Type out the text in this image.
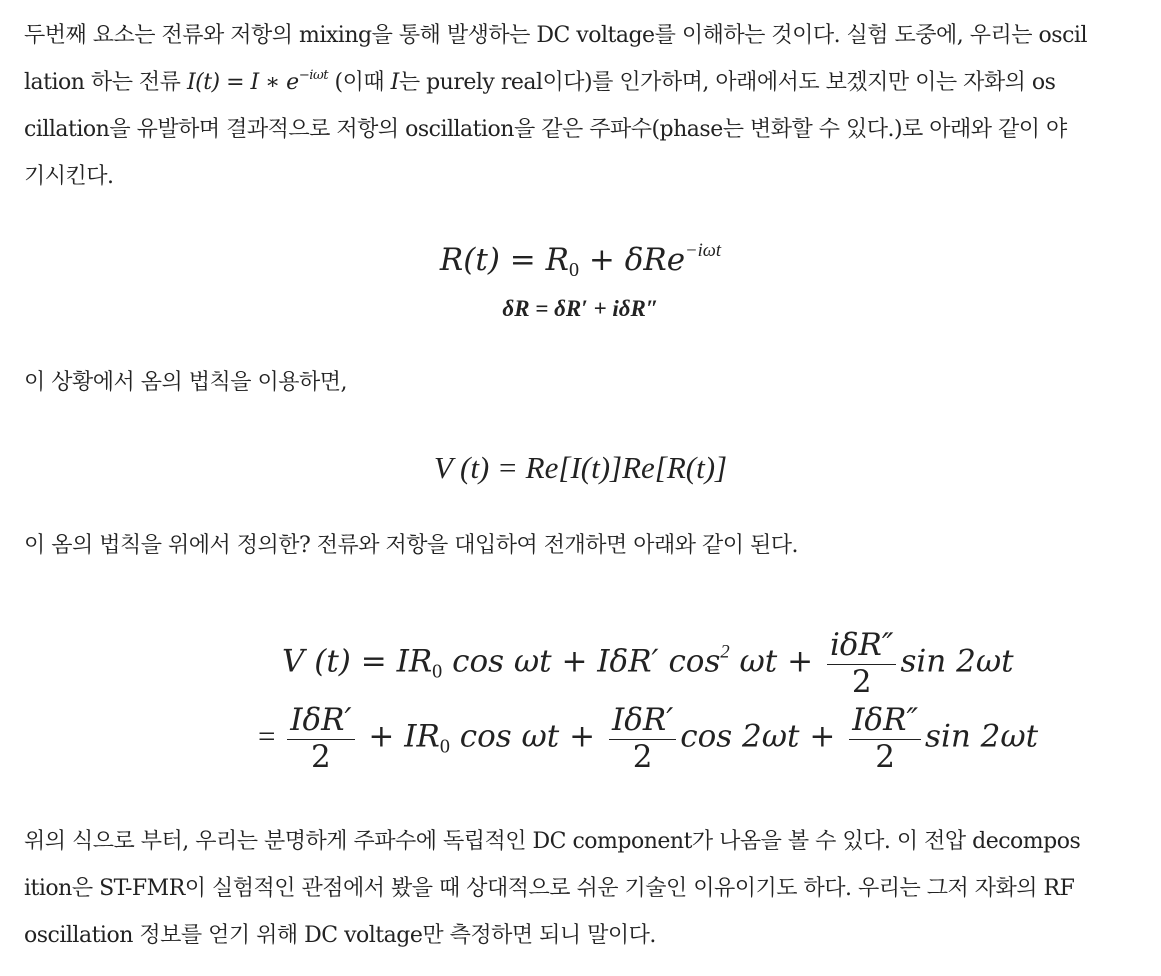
두번째 요소는 전류와 저항의 mixing을 통해 발생하는 DC voltage를 이해하는 것이다. 실험 도중에, 우리는 oscil
lation 하는 전류 I(t) = I ∗ $e^{-i\omega t}$ (이때 I는 purely real이다)를 인가하며, 아래에서도 보겠지만 이는 자화의 os
cillation을 유발하며 결과적으로 저항의 oscillation을 같은 주파수(phase는 변화할 수 있다.)로 아래와 같이 야
기시킨다.
$R(t) = R_0 + \delta Re^{-i\omega t}$
δR = δR′ + iδR″
이 상황에서 옴의 법칙을 이용하면,
V (t) = Re[I(t)]Re[R(t)]
이 옴의 법칙을 위에서 정의한? 전류와 저항을 대입하여 전개하면 아래와 같이 된다.
V $(t) = IR_0$ cos ωt + IδR′ $\cos^2 \omega t + \frac{\text{iδR″}}{2}$ sin 2ωt
= $\frac{\text{IδR′}}{2} + IR_0$ $\cos \omega t + \frac{\text{IδR′}}{2}$ $\cos 2\omega t + \frac{\text{IδR″}}{2}$ sin 2ωt
위의 식으로 부터, 우리는 분명하게 주파수에 독립적인 DC component가 나옴을 볼 수 있다. 이 전압 decompos
ition은 ST-FMR이 실험적인 관점에서 봤을 때 상대적으로 쉬운 기술인 이유이기도 하다. 우리는 그저 자화의 RF
oscillation 정보를 얻기 위해 DC voltage만 측정하면 되니 말이다.
